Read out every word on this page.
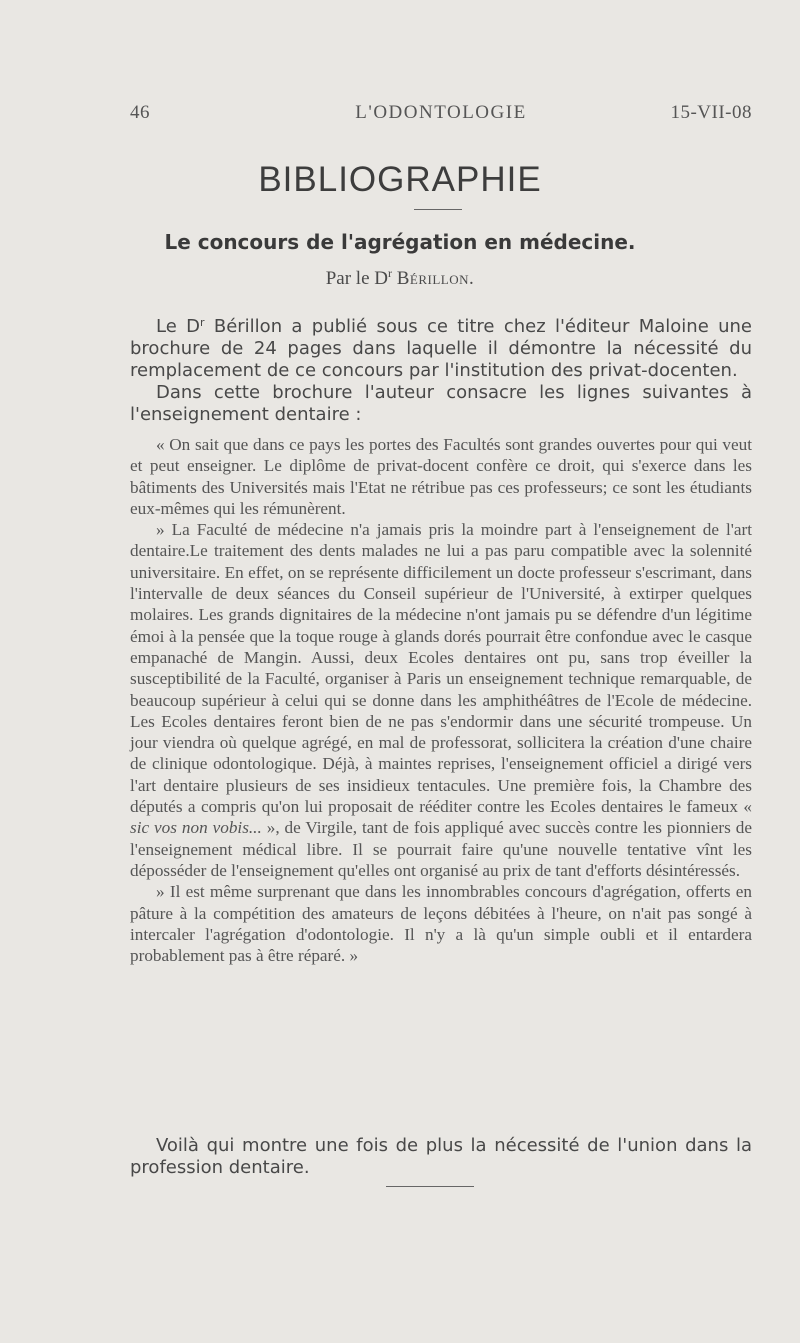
46	L'ODONTOLOGIE	15-VII-08
BIBLIOGRAPHIE
Le concours de l'agrégation en médecine.
Par le $D^r$ Bérillon.

Le $D^r$ Bérillon a publié sous ce titre chez l'éditeur Maloine une brochure de 24 pages dans laquelle il démontre la nécessité du remplacement de ce concours par l'institution des privat-docenten.

Dans cette brochure l'auteur consacre les lignes suivantes à l'enseignement dentaire :

« On sait que dans ce pays les portes des Facultés sont grandes ouvertes pour qui veut et peut enseigner. Le diplôme de privat-docent confère ce droit, qui s'exerce dans les bâtiments des Universités mais l'Etat ne rétribue pas ces professeurs; ce sont les étudiants eux-mêmes qui les rémunèrent.

» La Faculté de médecine n'a jamais pris la moindre part à l'enseignement de l'art dentaire.Le traitement des dents malades ne lui a pas paru compatible avec la solennité universitaire. En effet, on se représente difficilement un docte professeur s'escrimant, dans l'intervalle de deux séances du Conseil supérieur de l'Université, à extirper quelques molaires. Les grands dignitaires de la médecine n'ont jamais pu se défendre d'un légitime émoi à la pensée que la toque rouge à glands dorés pourrait être confondue avec le casque empanaché de Mangin. Aussi, deux Ecoles dentaires ont pu, sans trop éveiller la susceptibilité de la Faculté, organiser à Paris un enseignement technique remarquable, de beaucoup supérieur à celui qui se donne dans les amphithéâtres de l'Ecole de médecine. Les Ecoles dentaires feront bien de ne pas s'endormir dans une sécurité trompeuse. Un jour viendra où quelque agrégé, en mal de professorat, sollicitera la création d'une chaire de clinique odontologique. Déjà, à maintes reprises, l'enseignement officiel a dirigé vers l'art dentaire plusieurs de ses insidieux tentacules. Une première fois, la Chambre des députés a compris qu'on lui proposait de rééditer contre les Ecoles dentaires le fameux « sic vos non vobis... », de Virgile, tant de fois appliqué avec succès contre les pionniers de l'enseignement médical libre. Il se pourrait faire qu'une nouvelle tentative vînt les déposséder de l'enseignement qu'elles ont organisé au prix de tant d'efforts désintéressés.

» Il est même surprenant que dans les innombrables concours d'agrégation, offerts en pâture à la compétition des amateurs de leçons débitées à l'heure, on n'ait pas songé à intercaler l'agrégation d'odontologie. Il n'y a là qu'un simple oubli et il entardera probablement pas à être réparé. »

Voilà qui montre une fois de plus la nécessité de l'union dans la profession dentaire.
